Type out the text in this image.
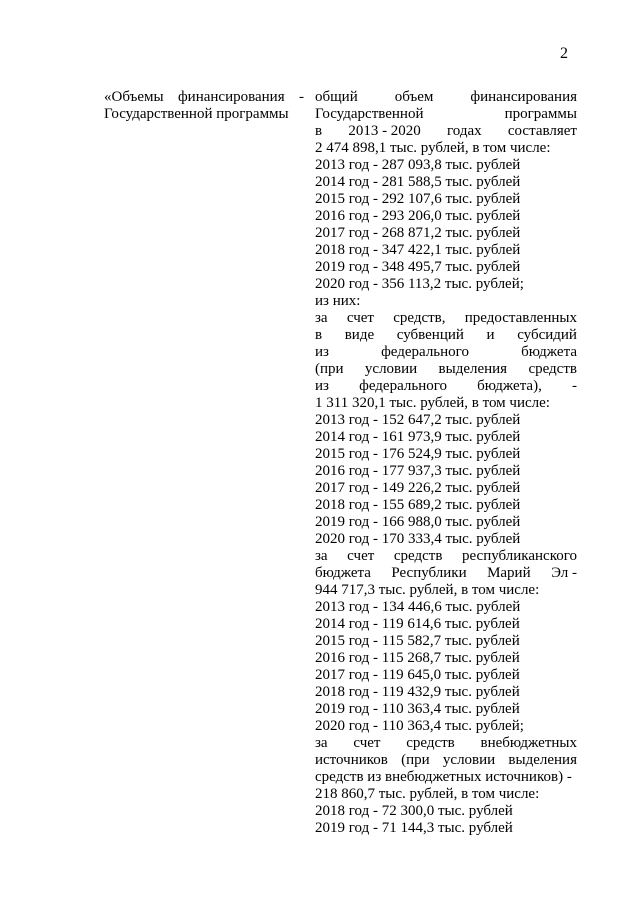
2
«Объемы финансирования - Государственной программы
общий объем финансирования
Государственной	программы
в 2013 - 2020 годах составляет
2 474 898,1 тыс. рублей, в том числе:
2013 год - 287 093,8 тыс. рублей
2014 год - 281 588,5 тыс. рублей
2015 год - 292 107,6 тыс. рублей
2016 год - 293 206,0 тыс. рублей
2017 год - 268 871,2 тыс. рублей
2018 год - 347 422,1 тыс. рублей
2019 год - 348 495,7 тыс. рублей
2020 год - 356 113,2 тыс. рублей;
из них:
за счет средств, предоставленных
в виде субвенций и субсидий
из	федерального	бюджета
(при условии выделения средств
из федерального бюджета), -
1 311 320,1 тыс. рублей, в том числе:
2013 год - 152 647,2 тыс. рублей
2014 год - 161 973,9 тыс. рублей
2015 год - 176 524,9 тыс. рублей
2016 год - 177 937,3 тыс. рублей
2017 год - 149 226,2 тыс. рублей
2018 год - 155 689,2 тыс. рублей
2019 год - 166 988,0 тыс. рублей
2020 год - 170 333,4 тыс. рублей
за счет средств республиканского
бюджета Республики Марий Эл -
944 717,3 тыс. рублей, в том числе:
2013 год - 134 446,6 тыс. рублей
2014 год - 119 614,6 тыс. рублей
2015 год - 115 582,7 тыс. рублей
2016 год - 115 268,7 тыс. рублей
2017 год - 119 645,0 тыс. рублей
2018 год - 119 432,9 тыс. рублей
2019 год - 110 363,4 тыс. рублей
2020 год - 110 363,4 тыс. рублей;
за счет средств внебюджетных
источников (при условии выделения
средств из внебюджетных источников) -
218 860,7 тыс. рублей, в том числе:
2018 год - 72 300,0 тыс. рублей
2019 год - 71 144,3 тыс. рублей
